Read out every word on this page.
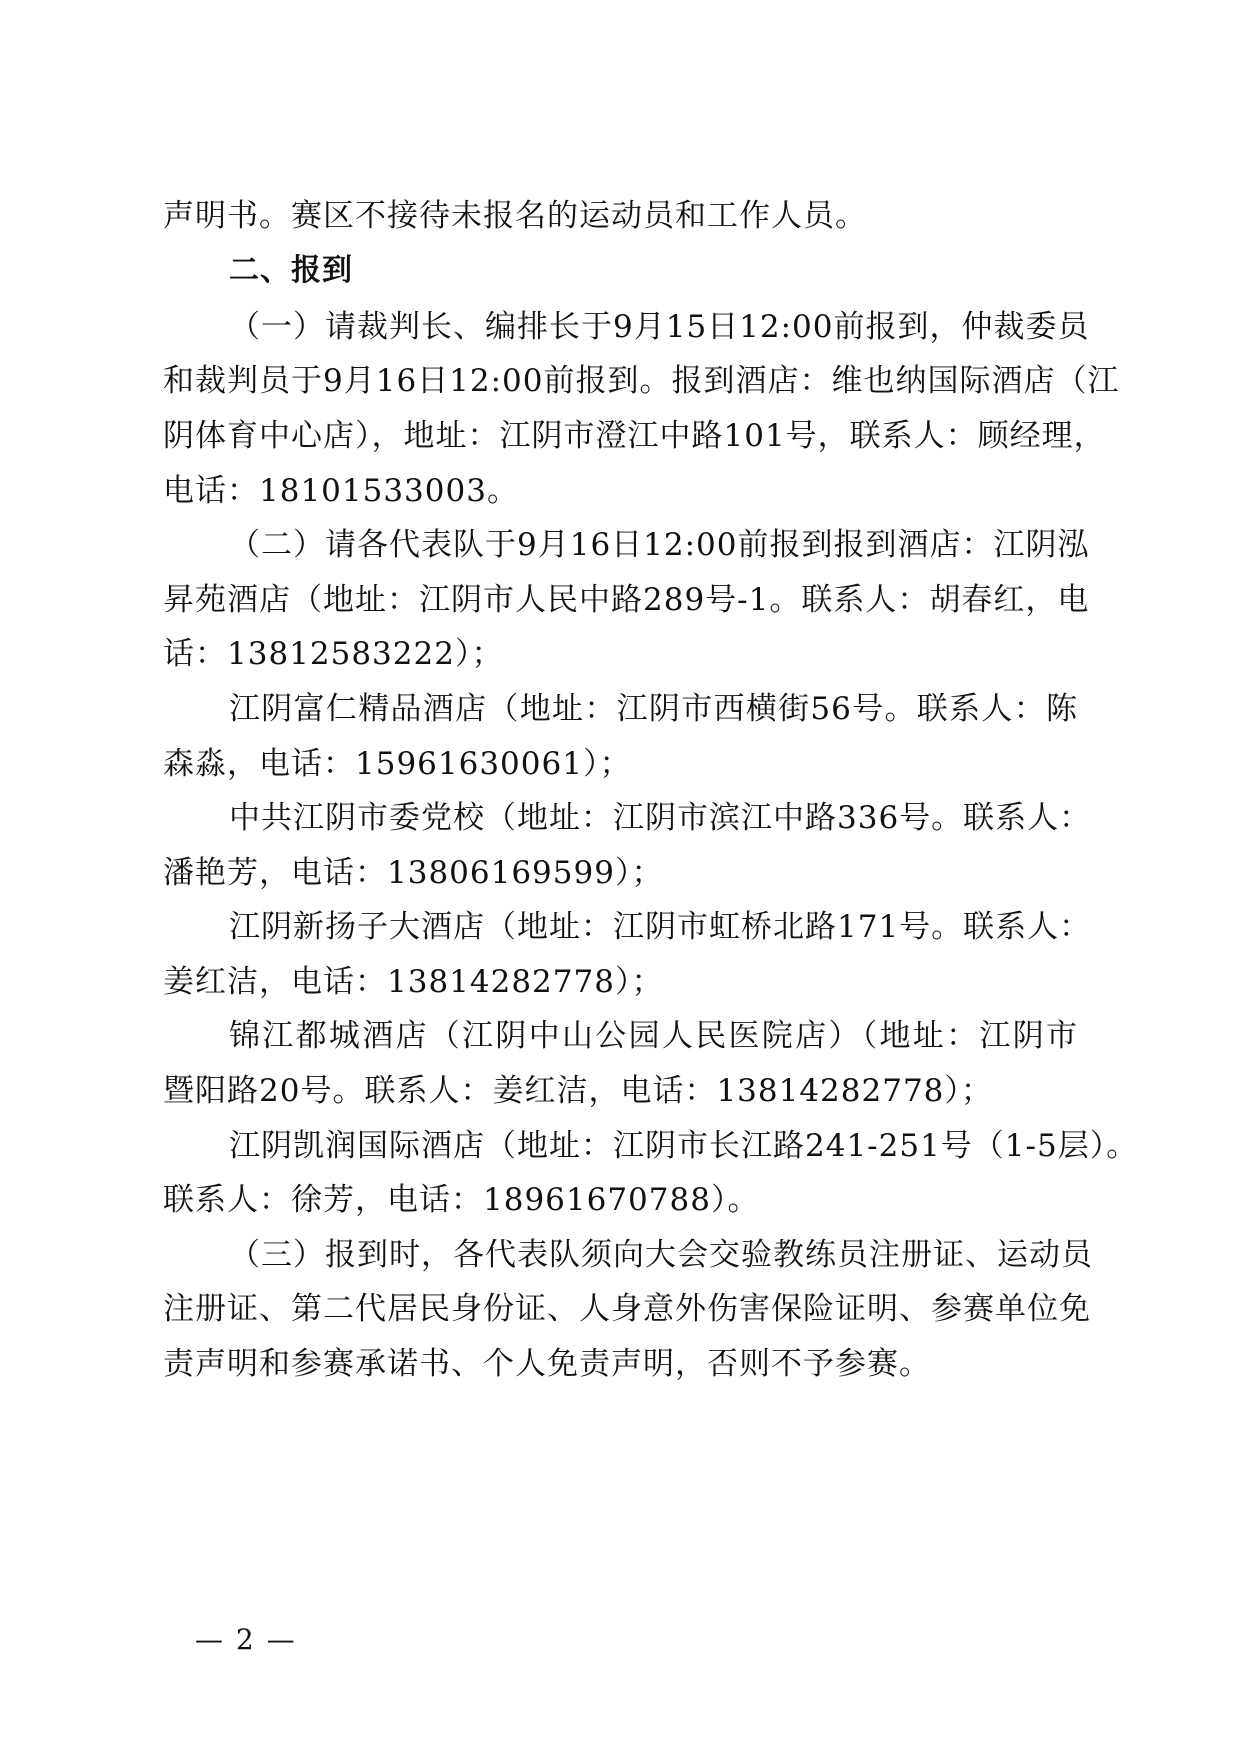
声明书。赛区不接待未报名的运动员和工作人员。
二、报到
（一）请裁判长、编排长于9月15日12:00前报到，仲裁委员
和裁判员于9月16日12:00前报到。报到酒店：维也纳国际酒店（江
阴体育中心店），地址：江阴市澄江中路101号，联系人：顾经理，
电话：18101533003。
（二）请各代表队于9月16日12:00前报到报到酒店：江阴泓
昇苑酒店（地址：江阴市人民中路289号-1。联系人：胡春红，电
话：13812583222）；
江阴富仁精品酒店（地址：江阴市西横街56号。联系人：陈
森淼，电话：15961630061）；
中共江阴市委党校（地址：江阴市滨江中路336号。联系人：
潘艳芳，电话：13806169599）；
江阴新扬子大酒店（地址：江阴市虹桥北路171号。联系人：
姜红洁，电话：13814282778）；
锦江都城酒店（江阴中山公园人民医院店）（地址：江阴市
暨阳路20号。联系人：姜红洁，电话：13814282778）；
江阴凯润国际酒店（地址：江阴市长江路241-251号（1-5层）。
联系人：徐芳，电话：18961670788）。
（三）报到时，各代表队须向大会交验教练员注册证、运动员
注册证、第二代居民身份证、人身意外伤害保险证明、参赛单位免
责声明和参赛承诺书、个人免责声明，否则不予参赛。
— 2 —
